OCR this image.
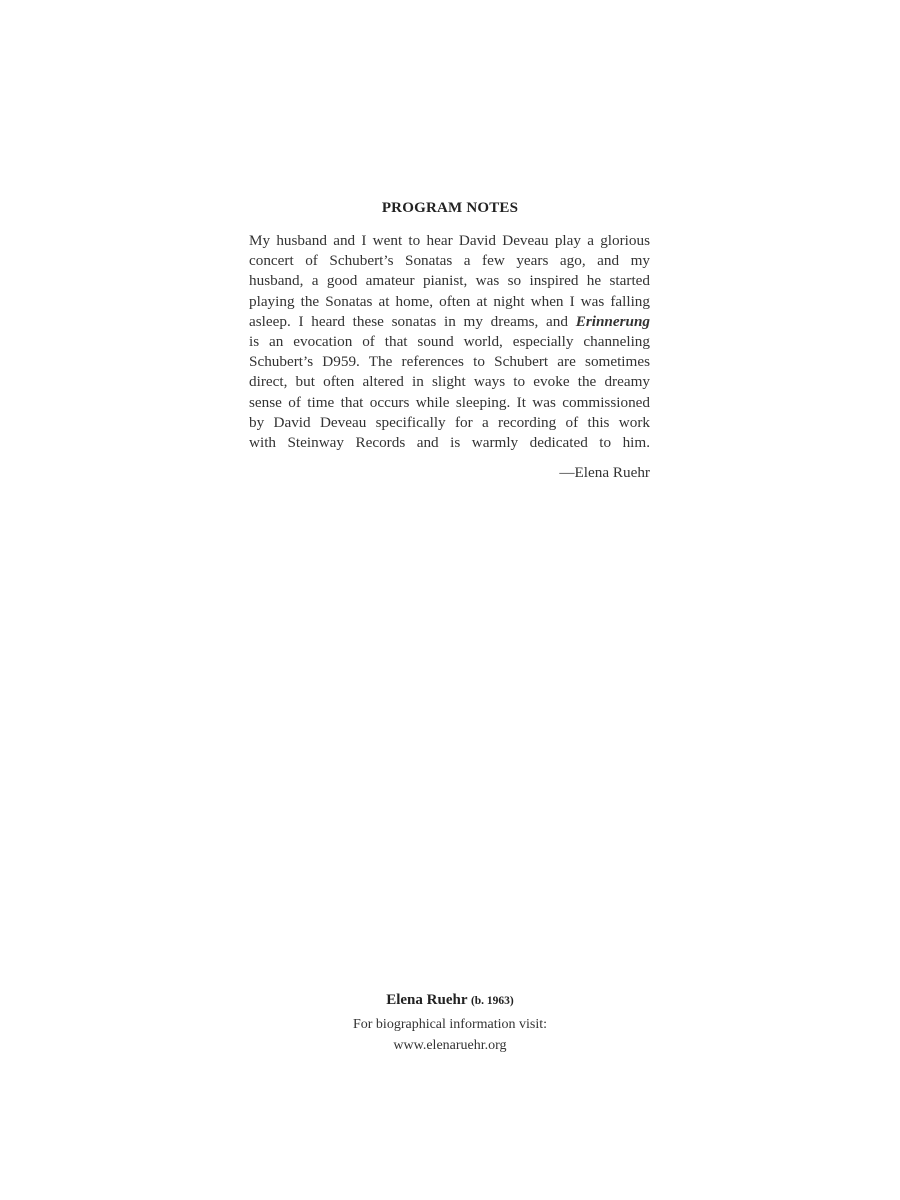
PROGRAM NOTES
My husband and I went to hear David Deveau play a glorious
concert of Schubert’s Sonatas a few years ago, and my
husband, a good amateur pianist, was so inspired he started
playing the Sonatas at home, often at night when I was falling
asleep. I heard these sonatas in my dreams, and Erinnerung
is an evocation of that sound world, especially channeling
Schubert’s D959. The references to Schubert are sometimes
direct, but often altered in slight ways to evoke the dreamy
sense of time that occurs while sleeping. It was commissioned
by David Deveau specifically for a recording of this work
with Steinway Records and is warmly dedicated to him.
—Elena Ruehr
Elena Ruehr (b. 1963)
For biographical information visit:
www.elenaruehr.org
